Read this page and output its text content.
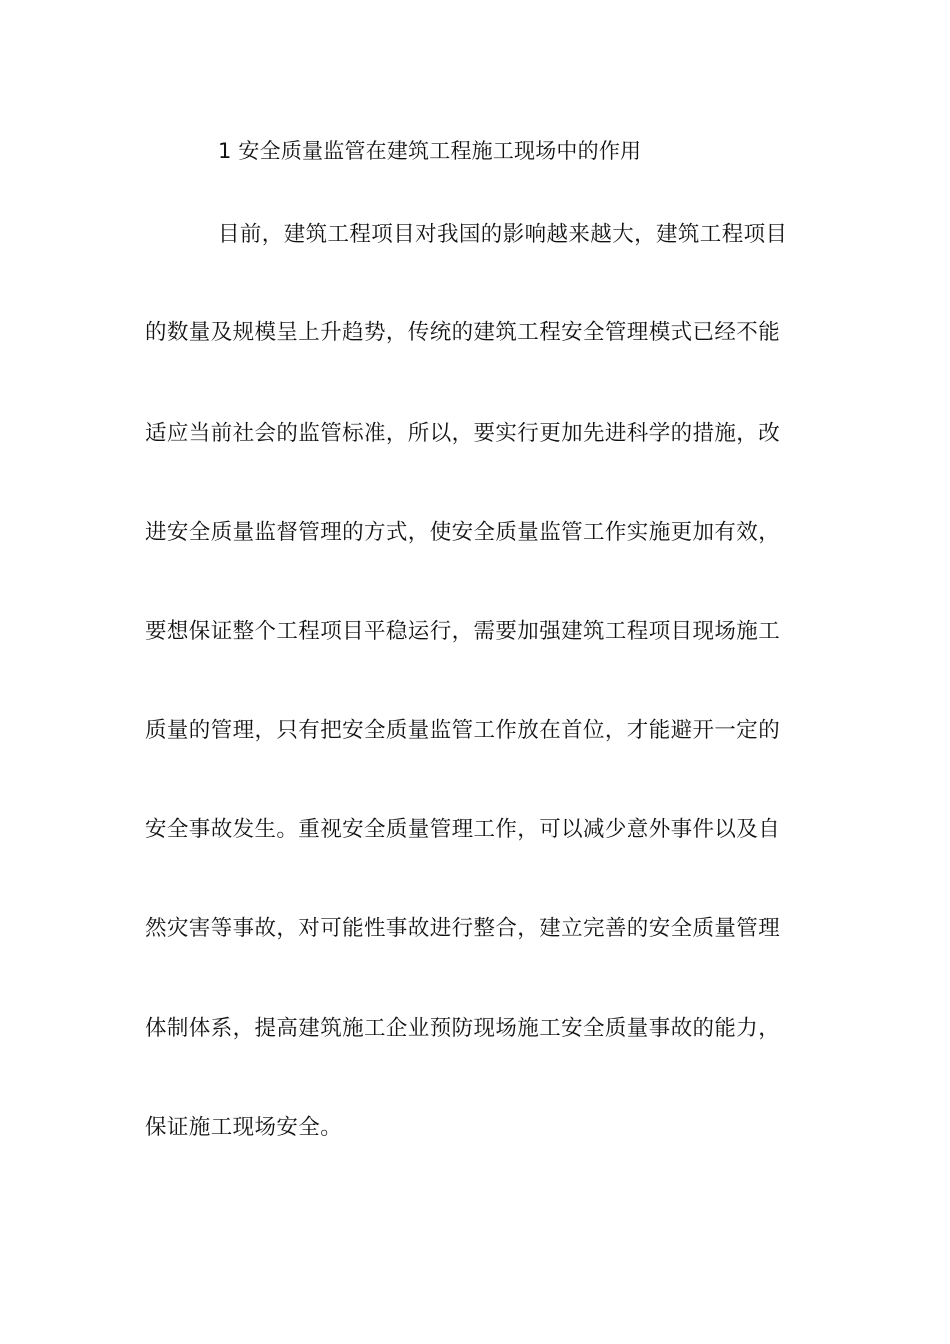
1 安全质量监管在建筑工程施工现场中的作用
目前，建筑工程项目对我国的影响越来越大，建筑工程项目
的数量及规模呈上升趋势，传统的建筑工程安全管理模式已经不能
适应当前社会的监管标准，所以，要实行更加先进科学的措施，改
进安全质量监督管理的方式，使安全质量监管工作实施更加有效，
要想保证整个工程项目平稳运行，需要加强建筑工程项目现场施工
质量的管理，只有把安全质量监管工作放在首位，才能避开一定的
安全事故发生。重视安全质量管理工作，可以减少意外事件以及自
然灾害等事故，对可能性事故进行整合，建立完善的安全质量管理
体制体系，提高建筑施工企业预防现场施工安全质量事故的能力，
保证施工现场安全。
